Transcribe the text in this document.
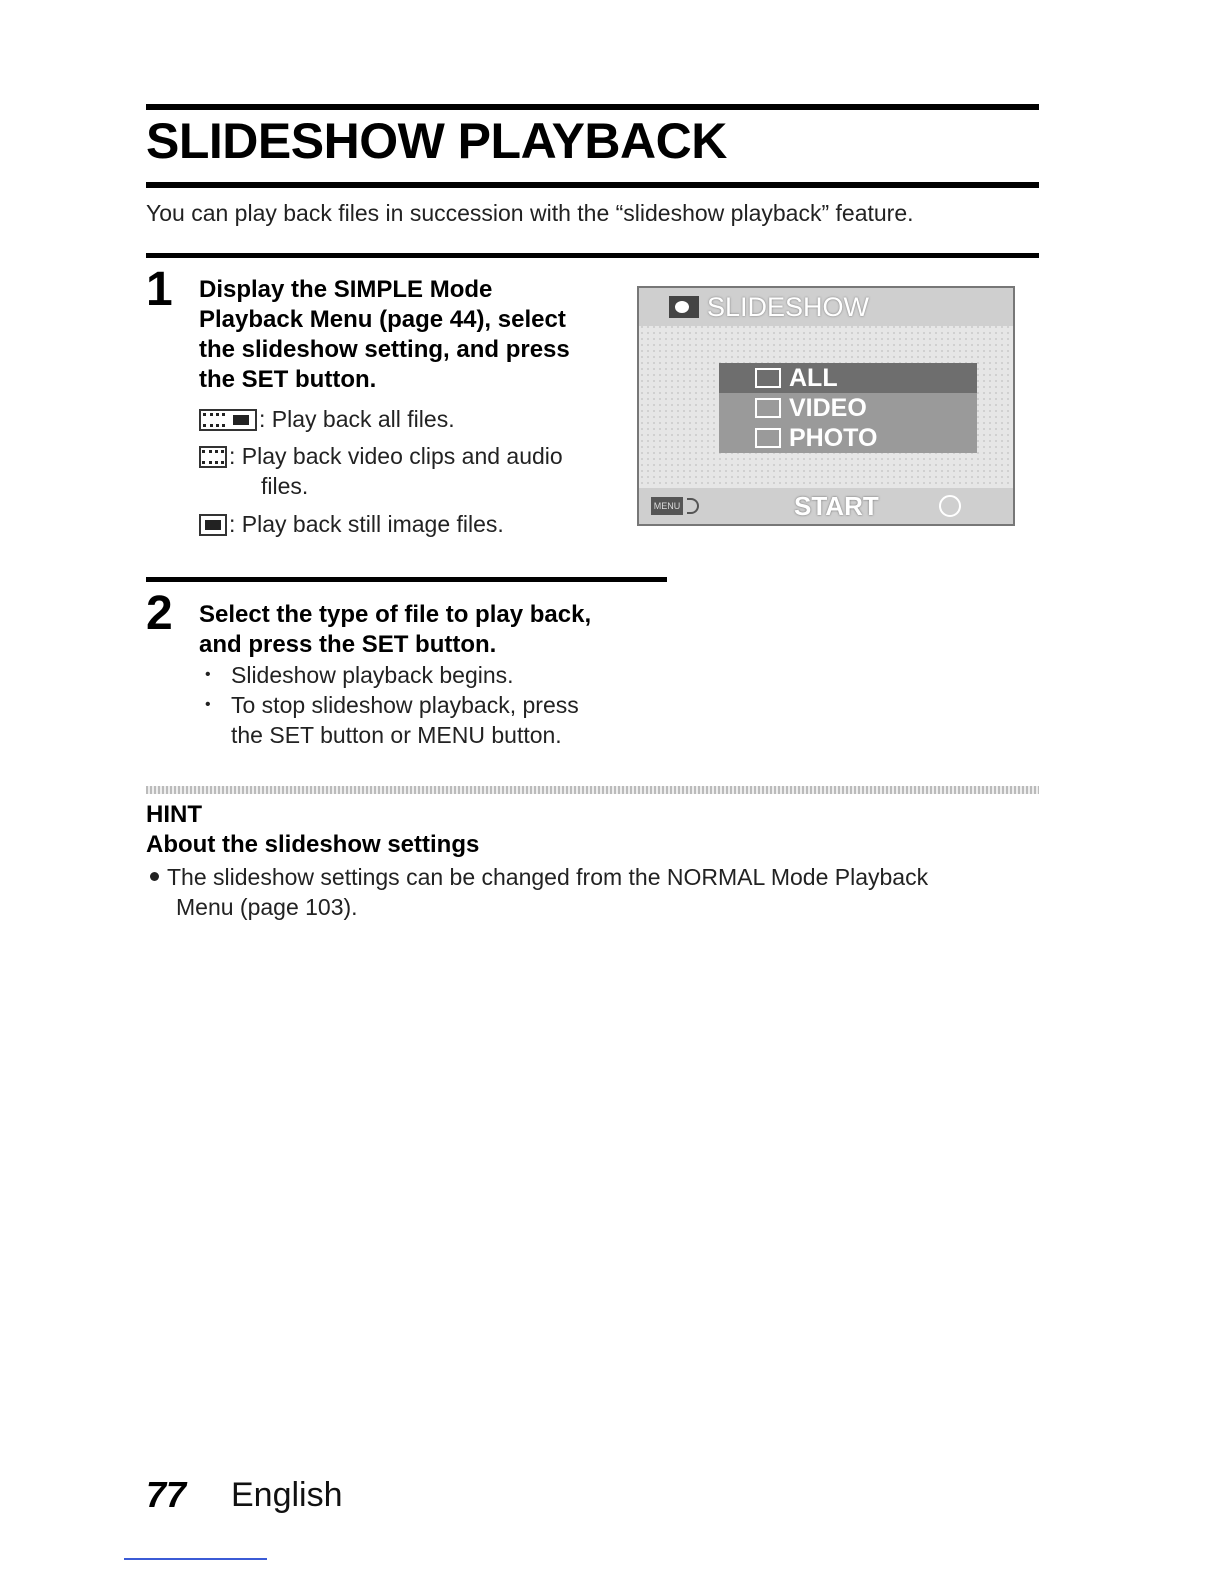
SLIDESHOW PLAYBACK

You can play back files in succession with the “slideshow playback” feature.

1 Display the SIMPLE Mode
Playback Menu (page 44), select
the slideshow setting, and press
the SET button.
: Play back all files.
: Play back video clips and audio
files.
: Play back still image files.
SLIDESHOW
ALL
VIDEO
PHOTO
MENU	START
2 Select the type of file to play back,
and press the SET button.
• Slideshow playback begins.
• To stop slideshow playback, press
the SET button or MENU button.

HINT

About the slideshow settings

The slideshow settings can be changed from the NORMAL Mode Playback
Menu (page 103).
77 English
